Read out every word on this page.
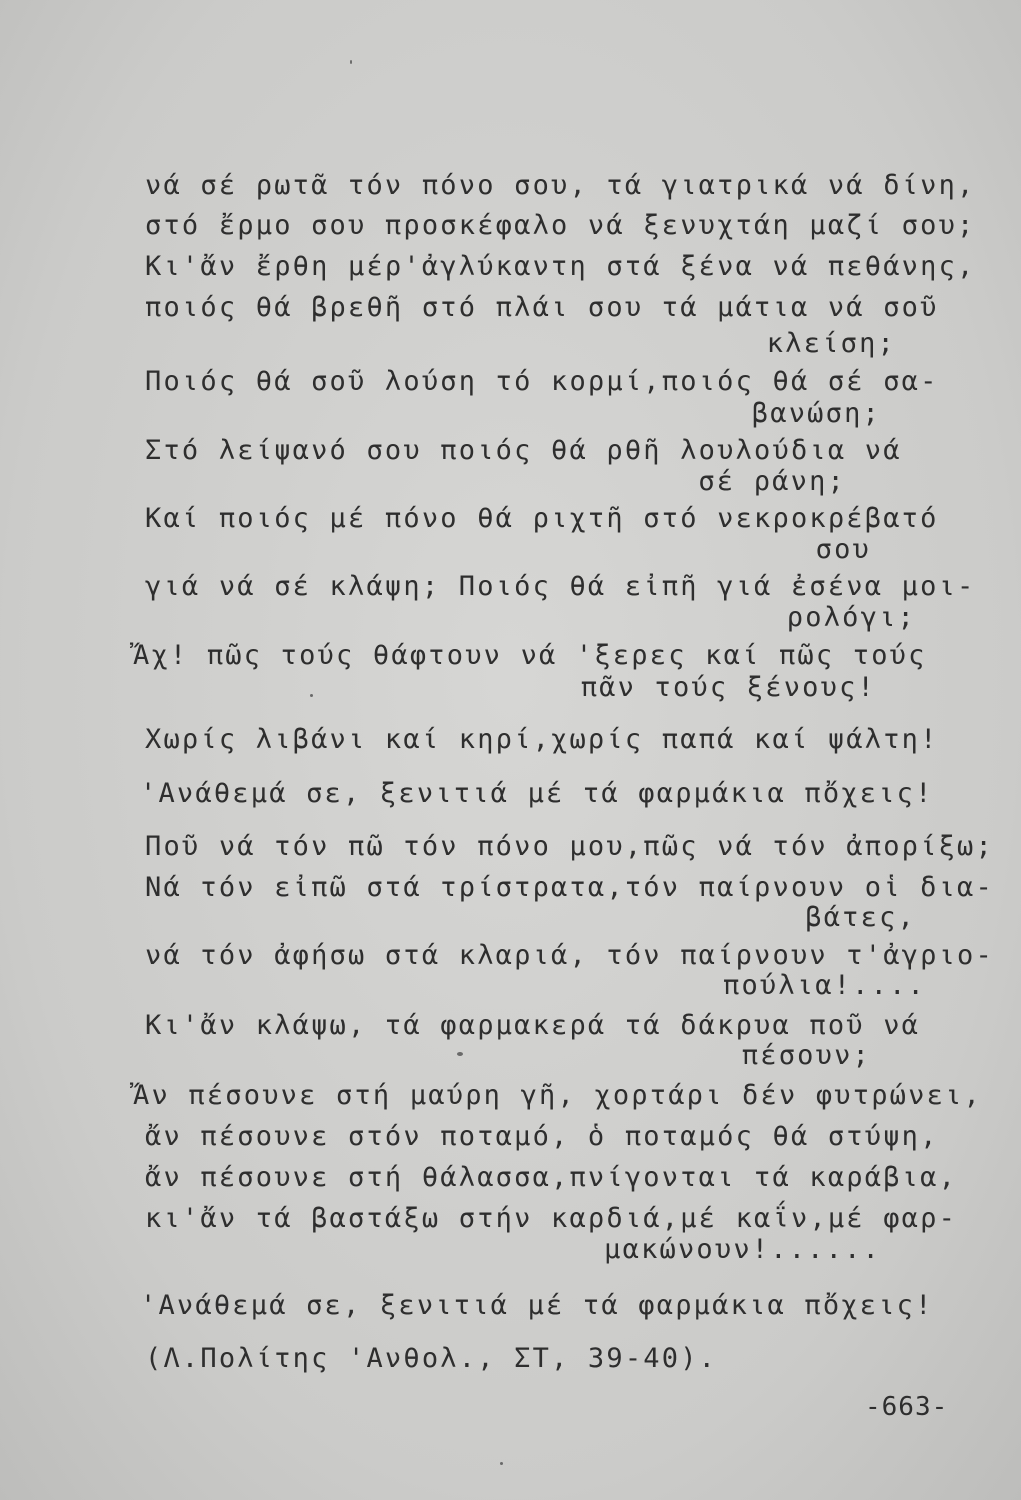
νά σέ ρωτᾶ τόν πόνο σου, τά γιατρικά νά δίνη,
στό ἔρμο σου προσκέφαλο νά ξενυχτάη μαζί σου;
Κι'ἄν ἔρθη μέρ'ἀγλύκαντη στά ξένα νά πεθάνης,
ποιός θά βρεθῆ στό πλάι σου τά μάτια νά σοῦ
κλείση;
Ποιός θά σοῦ λούση τό κορμί,ποιός θά σέ σα-
βανώση;
Στό λείψανό σου ποιός θά ρθῆ λουλούδια νά
σέ ράνη;
Καί ποιός μέ πόνο θά ριχτῆ στό νεκροκρέβατό
σου
γιά νά σέ κλάψη; Ποιός θά εἰπῆ γιά ἐσένα μοι-
ρολόγι;
Ἄχ! πῶς τούς θάφτουν νά 'ξερες καί πῶς τούς
πᾶν τούς ξένους!
Χωρίς λιβάνι καί κηρί,χωρίς παπά καί ψάλτη!
'Ανάθεμά σε, ξενιτιά μέ τά φαρμάκια πὄχεις!
Ποῦ νά τόν πῶ τόν πόνο μου,πῶς νά τόν ἀπορίξω;
Νά τόν εἰπῶ στά τρίστρατα,τόν παίρνουν οἱ δια-
βάτες,
νά τόν ἀφήσω στά κλαριά, τόν παίρνουν τ'ἀγριο-
πούλια!....
Κι'ἄν κλάψω, τά φαρμακερά τά δάκρυα ποῦ νά
πέσουν;
Ἄν πέσουνε στή μαύρη γῆ, χορτάρι δέν φυτρώνει,
ἄν πέσουνε στόν ποταμό, ὁ ποταμός θά στύψη,
ἄν πέσουνε στή θάλασσα,πνίγονται τά καράβια,
κι'ἄν τά βαστάξω στήν καρδιά,μέ καΐν,μέ φαρ-
μακώνουν!......
'Ανάθεμά σε, ξενιτιά μέ τά φαρμάκια πὄχεις!
(Λ.Πολίτης 'Ανθολ., ΣΤ, 39-40).
-663-
